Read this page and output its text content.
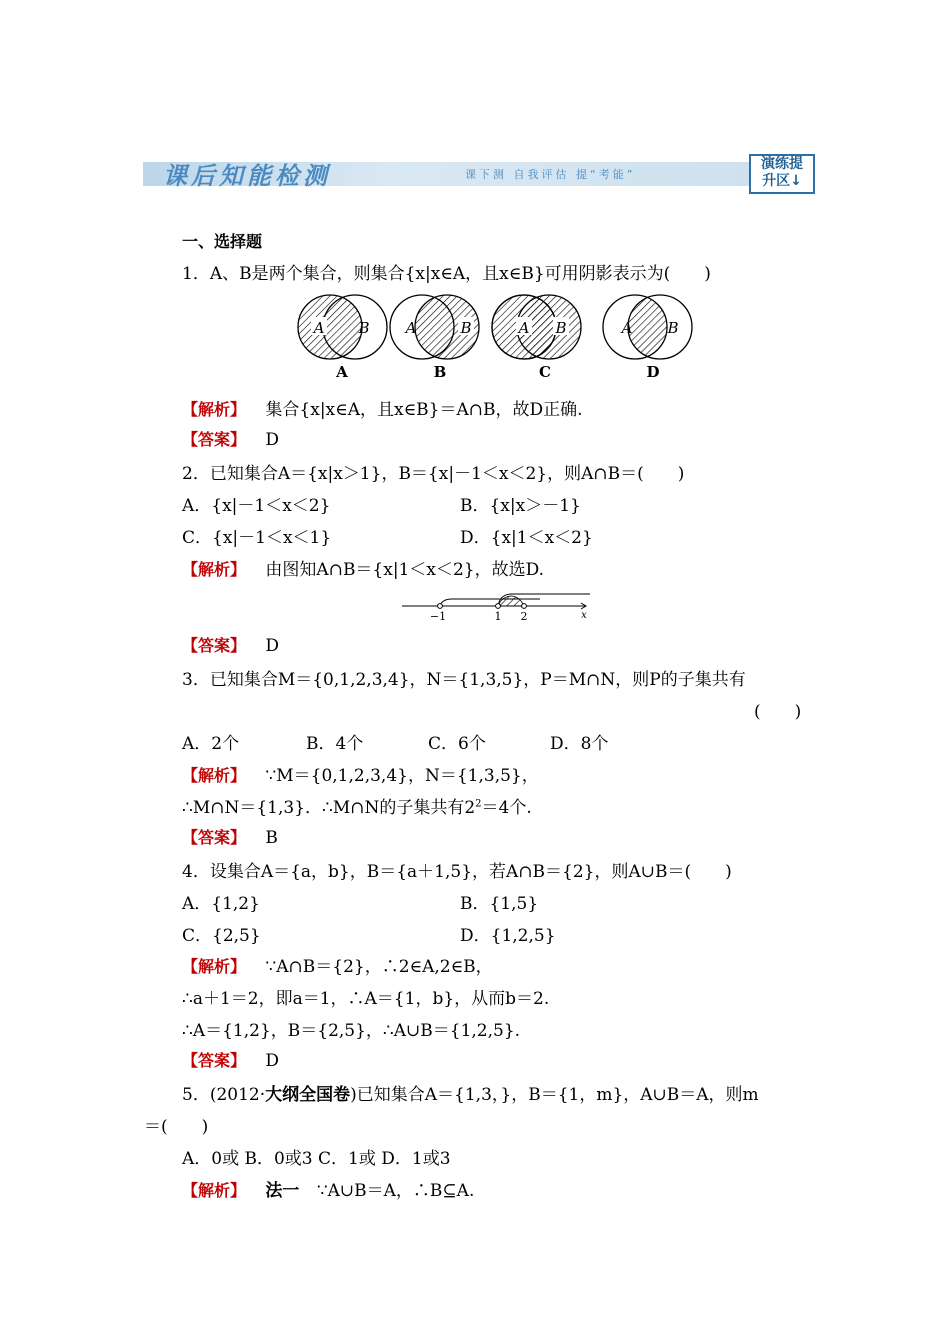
课后知能检测	课下测 自我评估 提“考能”
演练提
升区↓
一、选择题
1．A、B是两个集合，则集合{x|x∈A，且x∈B}可用阴影表示为(　　)
A B
A
A	B
B
A B
C
A B
D
【解析】 集合{x|x∈A，且x∈B}＝A∩B，故D正确.
【答案】 D
2．已知集合A＝{x|x＞1}，B＝{x|－1＜x＜2}，则A∩B＝(　　)
A．{x|－1＜x＜2}	B．{x|x＞－1}
C．{x|－1＜x＜1}	D．{x|1＜x＜2}
【解析】 由图知A∩B＝{x|1＜x＜2}，故选D.
−1	1 2	x
【答案】 D
3．已知集合M＝{0,1,2,3,4}，N＝{1,3,5}，P＝M∩N，则P的子集共有
(　　)
A．2个	B．4个	C．6个	D．8个
【解析】 ∵M＝{0,1,2,3,4}，N＝{1,3,5}，
∴M∩N＝{1,3}．∴M∩N的子集共有$2^2=4$个.
【答案】 B
4．设集合A＝{a，b}，B＝{a＋1,5}，若A∩B＝{2}，则A∪B＝(　　)
A．{1,2}	B．{1,5}
C．{2,5}	D．{1,2,5}
【解析】 ∵A∩B＝{2}，∴2∈A,2∈B，
∴a＋1＝2，即a＝1，∴A＝{1，b}，从而b＝2.
∴A＝{1,2}，B＝{2,5}，∴A∪B＝{1,2,5}.
【答案】 D
5．(2012·大纲全国卷)已知集合A＝{1,3，}，B＝{1，m}，A∪B＝A，则m
＝(　　)
A．0或 B．0或3 C．1或 D．1或3
【解析】 法一 ∵A∪B＝A，∴B⊆A.
